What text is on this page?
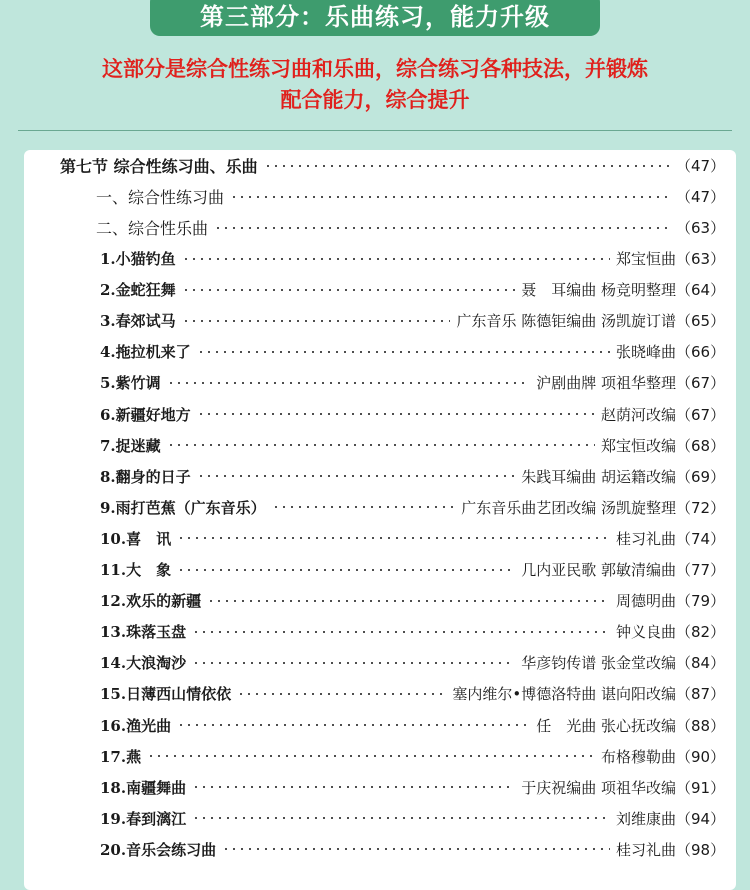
第三部分：乐曲练习，能力升级
这部分是综合性练习曲和乐曲，综合练习各种技法，并锻炼
配合能力，综合提升
第七节 综合性练习曲、乐曲	（47）
一、综合性练习曲	（47）
二、综合性乐曲	（63）
1.小猫钓鱼	郑宝恒曲 （63）
2.金蛇狂舞	聂　耳编曲 杨竞明整理 （64）
3.春郊试马	广东音乐 陈德钜编曲 汤凯旋订谱 （65）
4.拖拉机来了	张晓峰曲 （66）
5.紫竹调	沪剧曲牌 项祖华整理 （67）
6.新疆好地方	赵荫河改编 （67）
7.捉迷藏	郑宝恒改编 （68）
8.翻身的日子	朱践耳编曲 胡运籍改编 （69）
9.雨打芭蕉（广东音乐）	广东音乐曲艺团改编 汤凯旋整理 （72）
10.喜　讯	桂习礼曲 （74）
11.大　象	几内亚民歌 郭敏清编曲 （77）
12.欢乐的新疆	周德明曲 （79）
13.珠落玉盘	钟义良曲 （82）
14.大浪淘沙	华彦钧传谱 张金堂改编 （84）
15.日薄西山情依依	塞内维尔•博德洛特曲 谌向阳改编 （87）
16.渔光曲	任　光曲 张心抚改编 （88）
17.燕	布格穆勒曲 （90）
18.南疆舞曲	于庆祝编曲 项祖华改编 （91）
19.春到漓江	刘维康曲 （94）
20.音乐会练习曲	桂习礼曲 （98）
